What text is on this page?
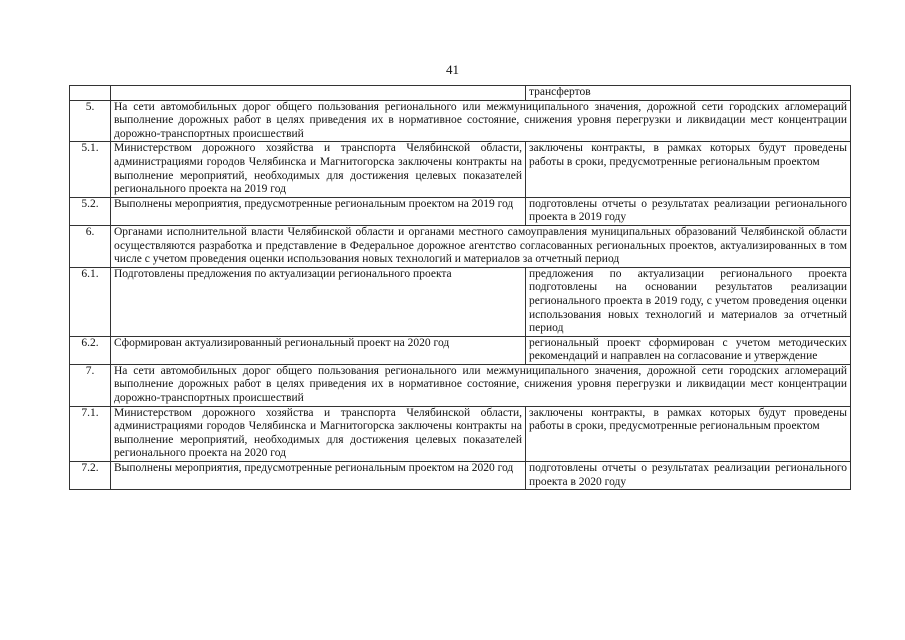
41
		трансфертов
5.	На сети автомобильных дорог общего пользования регионального или межмуниципального значения, дорожной сети городских агломераций выполнение дорожных работ в целях приведения их в нормативное состояние, снижения уровня перегрузки и ликвидации мест концентрации дорожно-транспортных происшествий	
5.1.	Министерством дорожного хозяйства и транспорта Челябинской области, администрациями городов Челябинска и Магнитогорска заключены контракты на выполнение мероприятий, необходимых для достижения целевых показателей регионального проекта на 2019 год	заключены контракты, в рамках которых будут проведены работы в сроки, предусмотренные региональным проектом
5.2.	Выполнены мероприятия, предусмотренные региональным проектом на 2019 год	подготовлены отчеты о результатах реализации регионального проекта в 2019 году
6.	Органами исполнительной власти Челябинской области и органами местного самоуправления муниципальных образований Челябинской области осуществляются разработка и представление в Федеральное дорожное агентство согласованных региональных проектов, актуализированных в том числе с учетом проведения оценки использования новых технологий и материалов за отчетный период	
6.1.	Подготовлены предложения по актуализации регионального проекта	предложения по актуализации регионального проекта подготовлены на основании результатов реализации регионального проекта в 2019 году, с учетом проведения оценки использования новых технологий и материалов за отчетный период
6.2.	Сформирован актуализированный региональный проект на 2020 год	региональный проект сформирован с учетом методических рекомендаций и направлен на согласование и утверждение
7.	На сети автомобильных дорог общего пользования регионального или межмуниципального значения, дорожной сети городских агломераций выполнение дорожных работ в целях приведения их в нормативное состояние, снижения уровня перегрузки и ликвидации мест концентрации дорожно-транспортных происшествий	
7.1.	Министерством дорожного хозяйства и транспорта Челябинской области, администрациями городов Челябинска и Магнитогорска заключены контракты на выполнение мероприятий, необходимых для достижения целевых показателей регионального проекта на 2020 год	заключены контракты, в рамках которых будут проведены работы в сроки, предусмотренные региональным проектом
7.2.	Выполнены мероприятия, предусмотренные региональным проектом на 2020 год	подготовлены отчеты о результатах реализации регионального проекта в 2020 году
